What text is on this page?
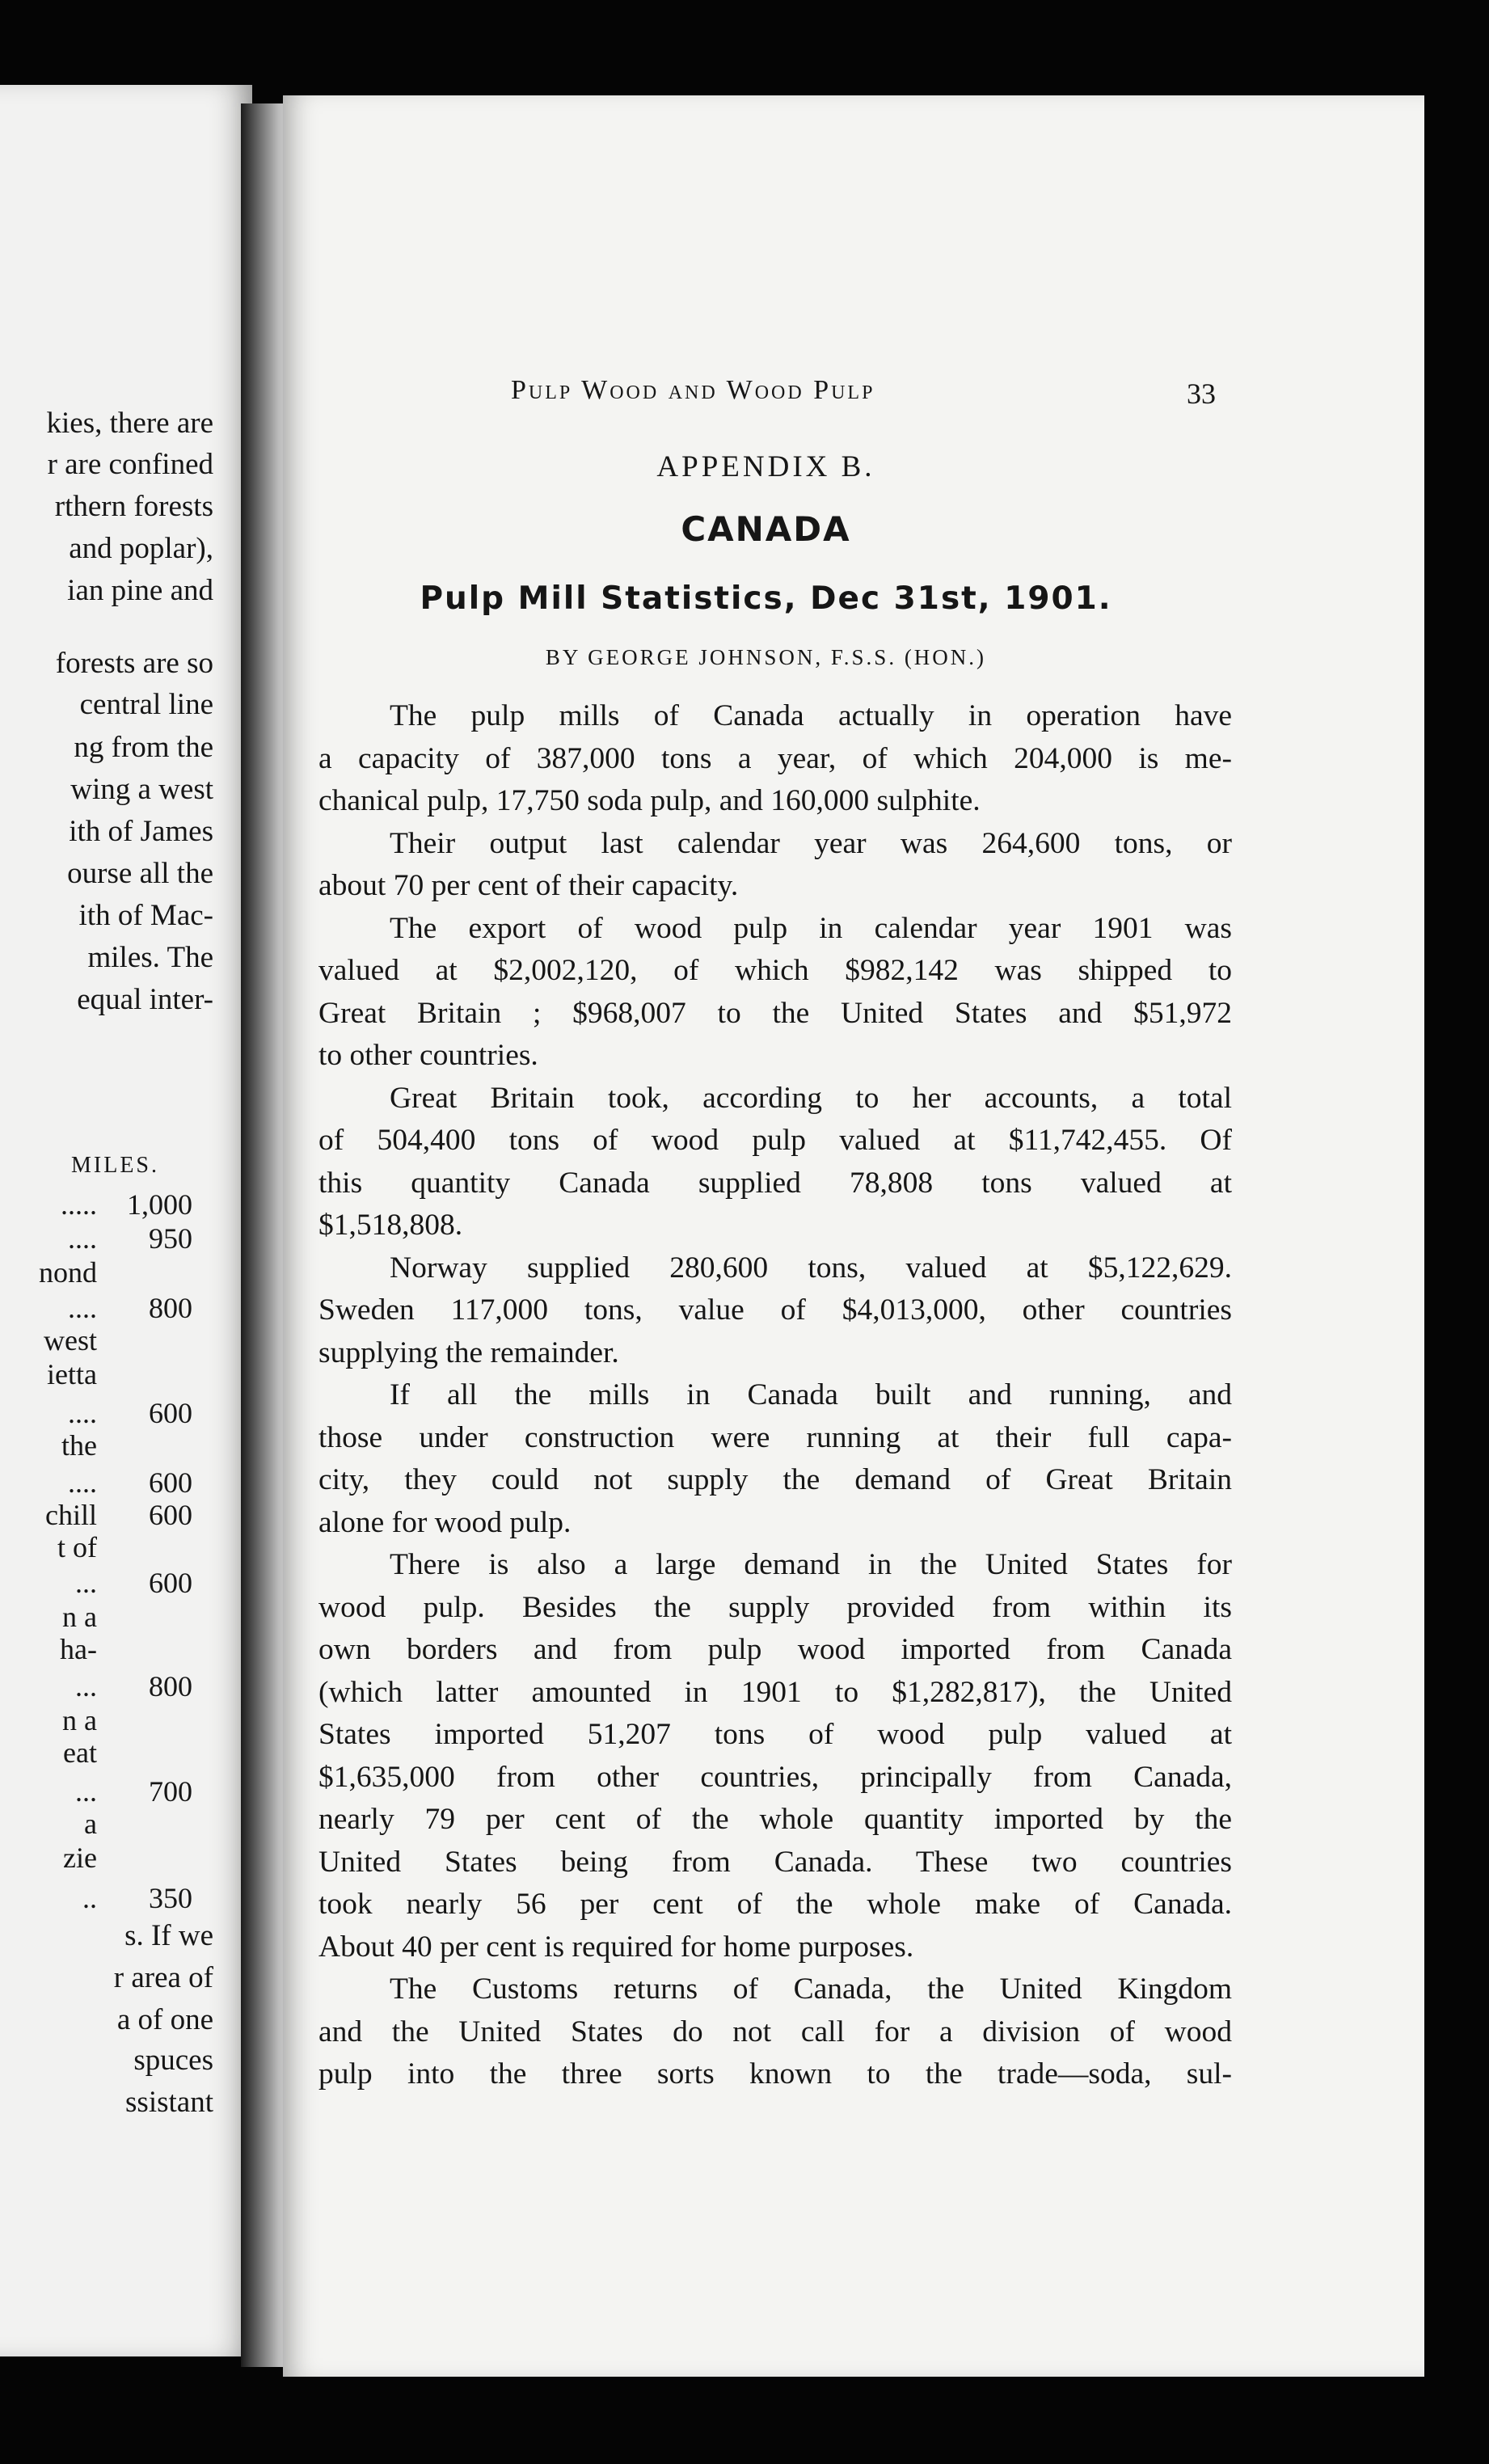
kies, there are
r are confined
rthern forests
and poplar),
ian pine and
forests are so
central line
ng from the
wing a west
ith of James
ourse all the
ith of Mac-
miles. The
equal inter-
MILES.
.....	1,000
....	950
nond
....	800
west
ietta
....	600
the
....	600
chill	600
t of
...	600
n a
ha-
...	800
n a
eat
...	700
a
zie
..	350
s. If we
r area of
a of one
spuces
ssistant
Pulp Wood and Wood Pulp	33
APPENDIX B.
CANADA
Pulp Mill Statistics, Dec 31st, 1901.
BY GEORGE JOHNSON, F.S.S. (HON.)
The pulp mills of Canada actually in operation have
a capacity of 387,000 tons a year, of which 204,000 is me-
chanical pulp, 17,750 soda pulp, and 160,000 sulphite.
Their output last calendar year was 264,600 tons, or
about 70 per cent of their capacity.
The export of wood pulp in calendar year 1901 was
valued at $2,002,120, of which $982,142 was shipped to
Great Britain ; $968,007 to the United States and $51,972
to other countries.
Great Britain took, according to her accounts, a total
of 504,400 tons of wood pulp valued at $11,742,455. Of
this quantity Canada supplied 78,808 tons valued at
$1,518,808.
Norway supplied 280,600 tons, valued at $5,122,629.
Sweden 117,000 tons, value of $4,013,000, other countries
supplying the remainder.
If all the mills in Canada built and running, and
those under construction were running at their full capa-
city, they could not supply the demand of Great Britain
alone for wood pulp.
There is also a large demand in the United States for
wood pulp. Besides the supply provided from within its
own borders and from pulp wood imported from Canada
(which latter amounted in 1901 to $1,282,817), the United
States imported 51,207 tons of wood pulp valued at
$1,635,000 from other countries, principally from Canada,
nearly 79 per cent of the whole quantity imported by the
United States being from Canada. These two countries
took nearly 56 per cent of the whole make of Canada.
About 40 per cent is required for home purposes.
The Customs returns of Canada, the United Kingdom
and the United States do not call for a division of wood
pulp into the three sorts known to the trade—soda, sul-
